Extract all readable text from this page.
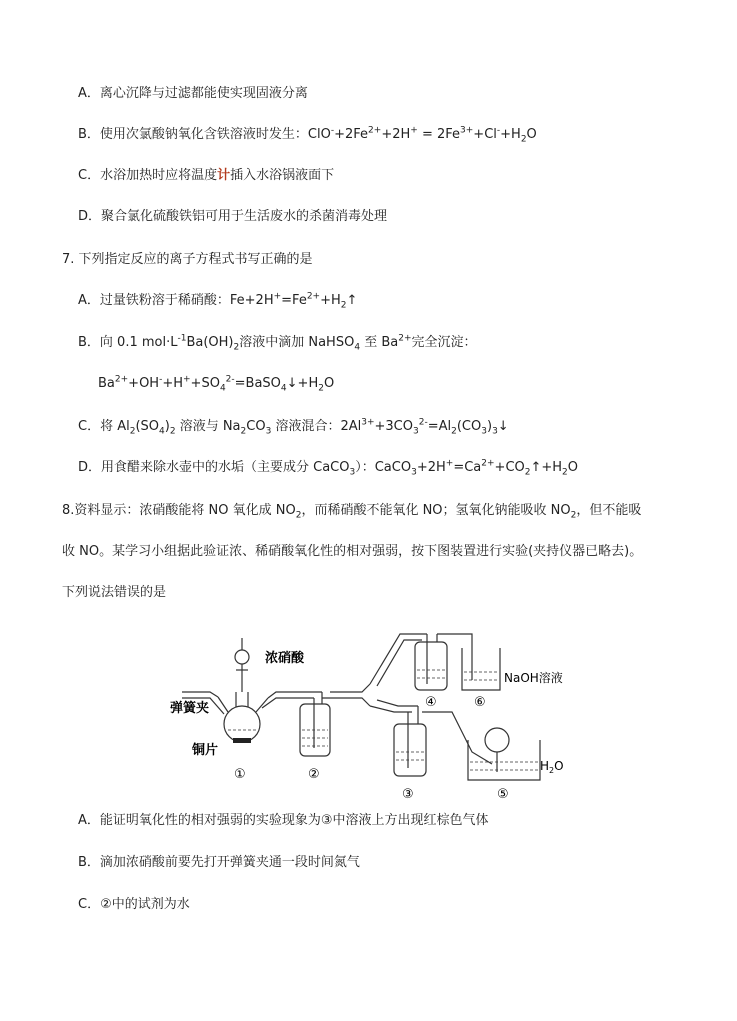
A．离心沉降与过滤都能使实现固液分离
B．使用次氯酸钠氧化含铁溶液时发生：$ClO^-+2Fe^{2+}+2H^+ = 2Fe^{3+}+Cl^-+H_2O$
C．水浴加热时应将温度计插入水浴锅液面下
D．聚合氯化硫酸铁铝可用于生活废水的杀菌消毒处理
7. 下列指定反应的离子方程式书写正确的是
A．过量铁粉溶于稀硝酸：$Fe+2H^+=Fe^{2+}+H_2↑$
B．向 0.1 $mol\cdot L^{-1}Ba(OH)_2$溶液中滴加 NaHSO$_4$ 至 $Ba^{2+}$完全沉淀：
$Ba^{2+}+OH^-+H^++SO_4^{2-}=BaSO_4↓+H_2O$
C．将 $Al_2(SO_4)_2$ 溶液与 $Na_2CO_3$ 溶液混合：$2Al^{3+}+3CO_3^{2-}=Al_2(CO_3)_3↓$
D．用食醋来除水壶中的水垢（主要成分 CaCO$_3$）：$CaCO_3+2H^+=Ca^{2+}+CO_2↑+H_2O$
8.资料显示：浓硝酸能将 NO 氧化成 $NO_2$，而稀硝酸不能氧化 NO；氢氧化钠能吸收 $NO_2$，但不能吸
收 NO。某学习小组据此验证浓、稀硝酸氧化性的相对强弱，按下图装置进行实验(夹持仪器已略去)。
下列说法错误的是
浓硝酸
弹簧夹
铜片
NaOH溶液
$H_2O$
①	②
③
④
⑤
⑥
A．能证明氧化性的相对强弱的实验现象为③中溶液上方出现红棕色气体
B．滴加浓硝酸前要先打开弹簧夹通一段时间氮气
C．②中的试剂为水
